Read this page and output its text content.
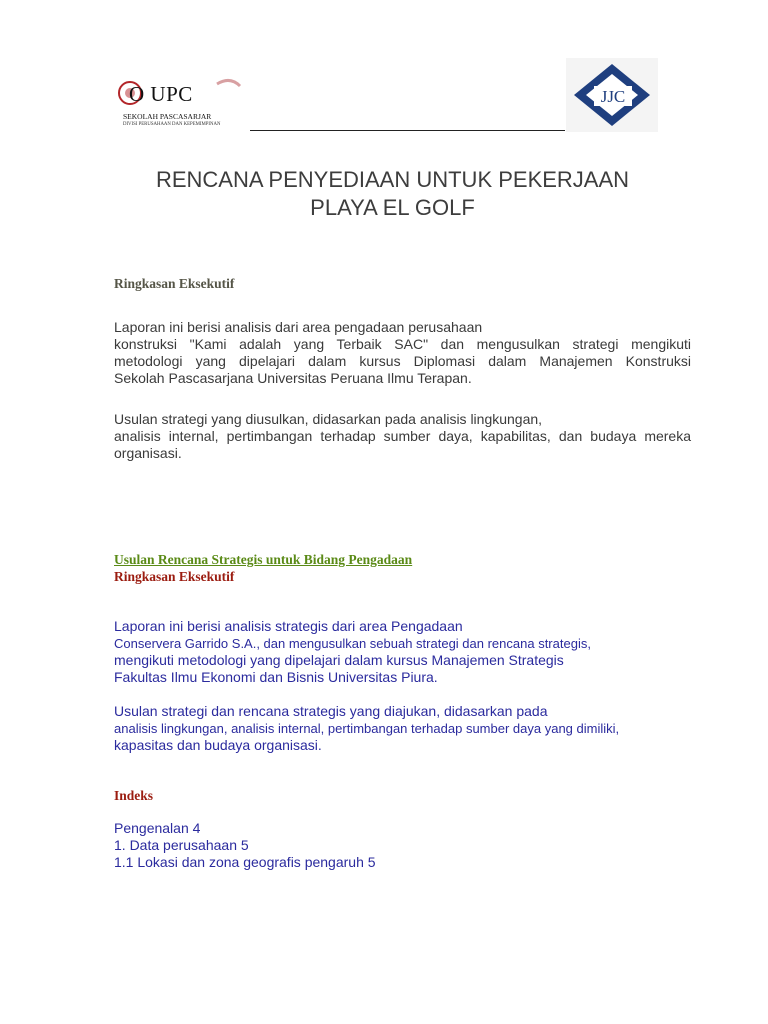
O UPC
SEKOLAH PASCASARJAR
DIVISI PERUSAHAAN DAN KEPEMIMPINAN
JJC
RENCANA PENYEDIAAN UNTUK PEKERJAAN
PLAYA EL GOLF
Ringkasan Eksekutif
Laporan ini berisi analisis dari area pengadaan perusahaan
konstruksi "Kami adalah yang Terbaik SAC" dan mengusulkan strategi mengikuti
metodologi yang dipelajari dalam kursus Diplomasi dalam Manajemen Konstruksi
Sekolah Pascasarjana Universitas Peruana Ilmu Terapan.
Usulan strategi yang diusulkan, didasarkan pada analisis lingkungan,
analisis internal, pertimbangan terhadap sumber daya, kapabilitas, dan budaya mereka
organisasi.
Usulan Rencana Strategis untuk Bidang Pengadaan
Ringkasan Eksekutif
Laporan ini berisi analisis strategis dari area Pengadaan
Conservera Garrido S.A., dan mengusulkan sebuah strategi dan rencana strategis,
mengikuti metodologi yang dipelajari dalam kursus Manajemen Strategis
Fakultas Ilmu Ekonomi dan Bisnis Universitas Piura.
Usulan strategi dan rencana strategis yang diajukan, didasarkan pada
analisis lingkungan, analisis internal, pertimbangan terhadap sumber daya yang dimiliki,
kapasitas dan budaya organisasi.
Indeks
Pengenalan 4
1. Data perusahaan 5
1.1 Lokasi dan zona geografis pengaruh 5
